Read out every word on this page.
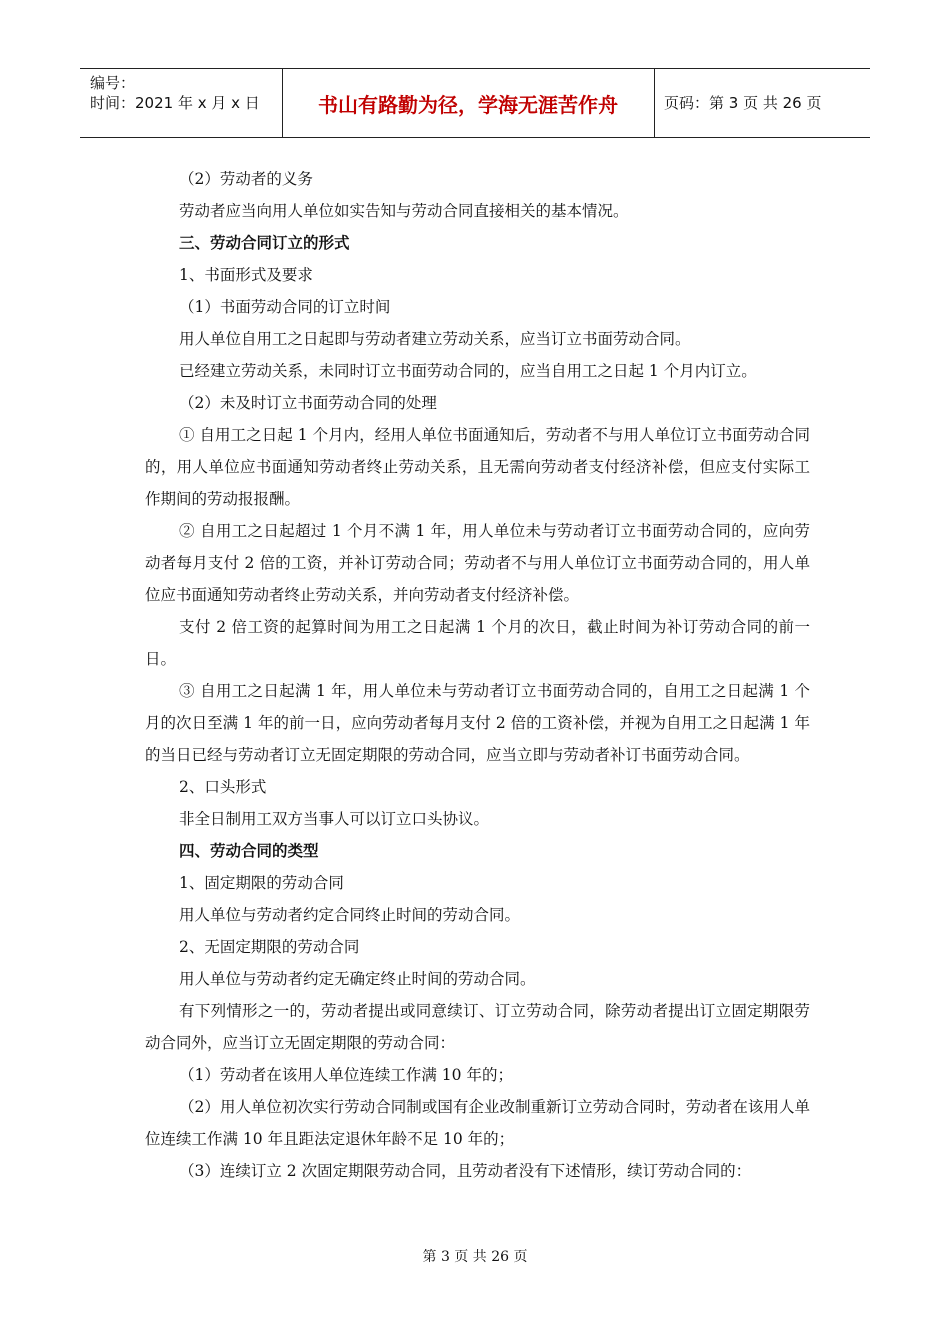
编号：
时间：2021 年 x 月 x 日	书山有路勤为径，学海无涯苦作舟	页码：第 3 页 共 26 页

（2）劳动者的义务

劳动者应当向用人单位如实告知与劳动合同直接相关的基本情况。

三、劳动合同订立的形式

1、书面形式及要求

（1）书面劳动合同的订立时间

用人单位自用工之日起即与劳动者建立劳动关系，应当订立书面劳动合同。

已经建立劳动关系，未同时订立书面劳动合同的，应当自用工之日起 1 个月内订立。

（2）未及时订立书面劳动合同的处理

① 自用工之日起 1 个月内，经用人单位书面通知后，劳动者不与用人单位订立书面劳动合同的，用人单位应书面通知劳动者终止劳动关系，且无需向劳动者支付经济补偿，但应支付实际工作期间的劳动报报酬。

② 自用工之日起超过 1 个月不满 1 年，用人单位未与劳动者订立书面劳动合同的，应向劳动者每月支付 2 倍的工资，并补订劳动合同；劳动者不与用人单位订立书面劳动合同的，用人单位应书面通知劳动者终止劳动关系，并向劳动者支付经济补偿。

支付 2 倍工资的起算时间为用工之日起满 1 个月的次日，截止时间为补订劳动合同的前一日。

③ 自用工之日起满 1 年，用人单位未与劳动者订立书面劳动合同的，自用工之日起满 1 个月的次日至满 1 年的前一日，应向劳动者每月支付 2 倍的工资补偿，并视为自用工之日起满 1 年的当日已经与劳动者订立无固定期限的劳动合同，应当立即与劳动者补订书面劳动合同。

2、口头形式

非全日制用工双方当事人可以订立口头协议。

四、劳动合同的类型

1、固定期限的劳动合同

用人单位与劳动者约定合同终止时间的劳动合同。

2、无固定期限的劳动合同

用人单位与劳动者约定无确定终止时间的劳动合同。

有下列情形之一的，劳动者提出或同意续订、订立劳动合同，除劳动者提出订立固定期限劳动合同外，应当订立无固定期限的劳动合同：

（1）劳动者在该用人单位连续工作满 10 年的；

（2）用人单位初次实行劳动合同制或国有企业改制重新订立劳动合同时，劳动者在该用人单位连续工作满 10 年且距法定退休年龄不足 10 年的；

（3）连续订立 2 次固定期限劳动合同，且劳动者没有下述情形，续订劳动合同的：

第 3 页 共 26 页
